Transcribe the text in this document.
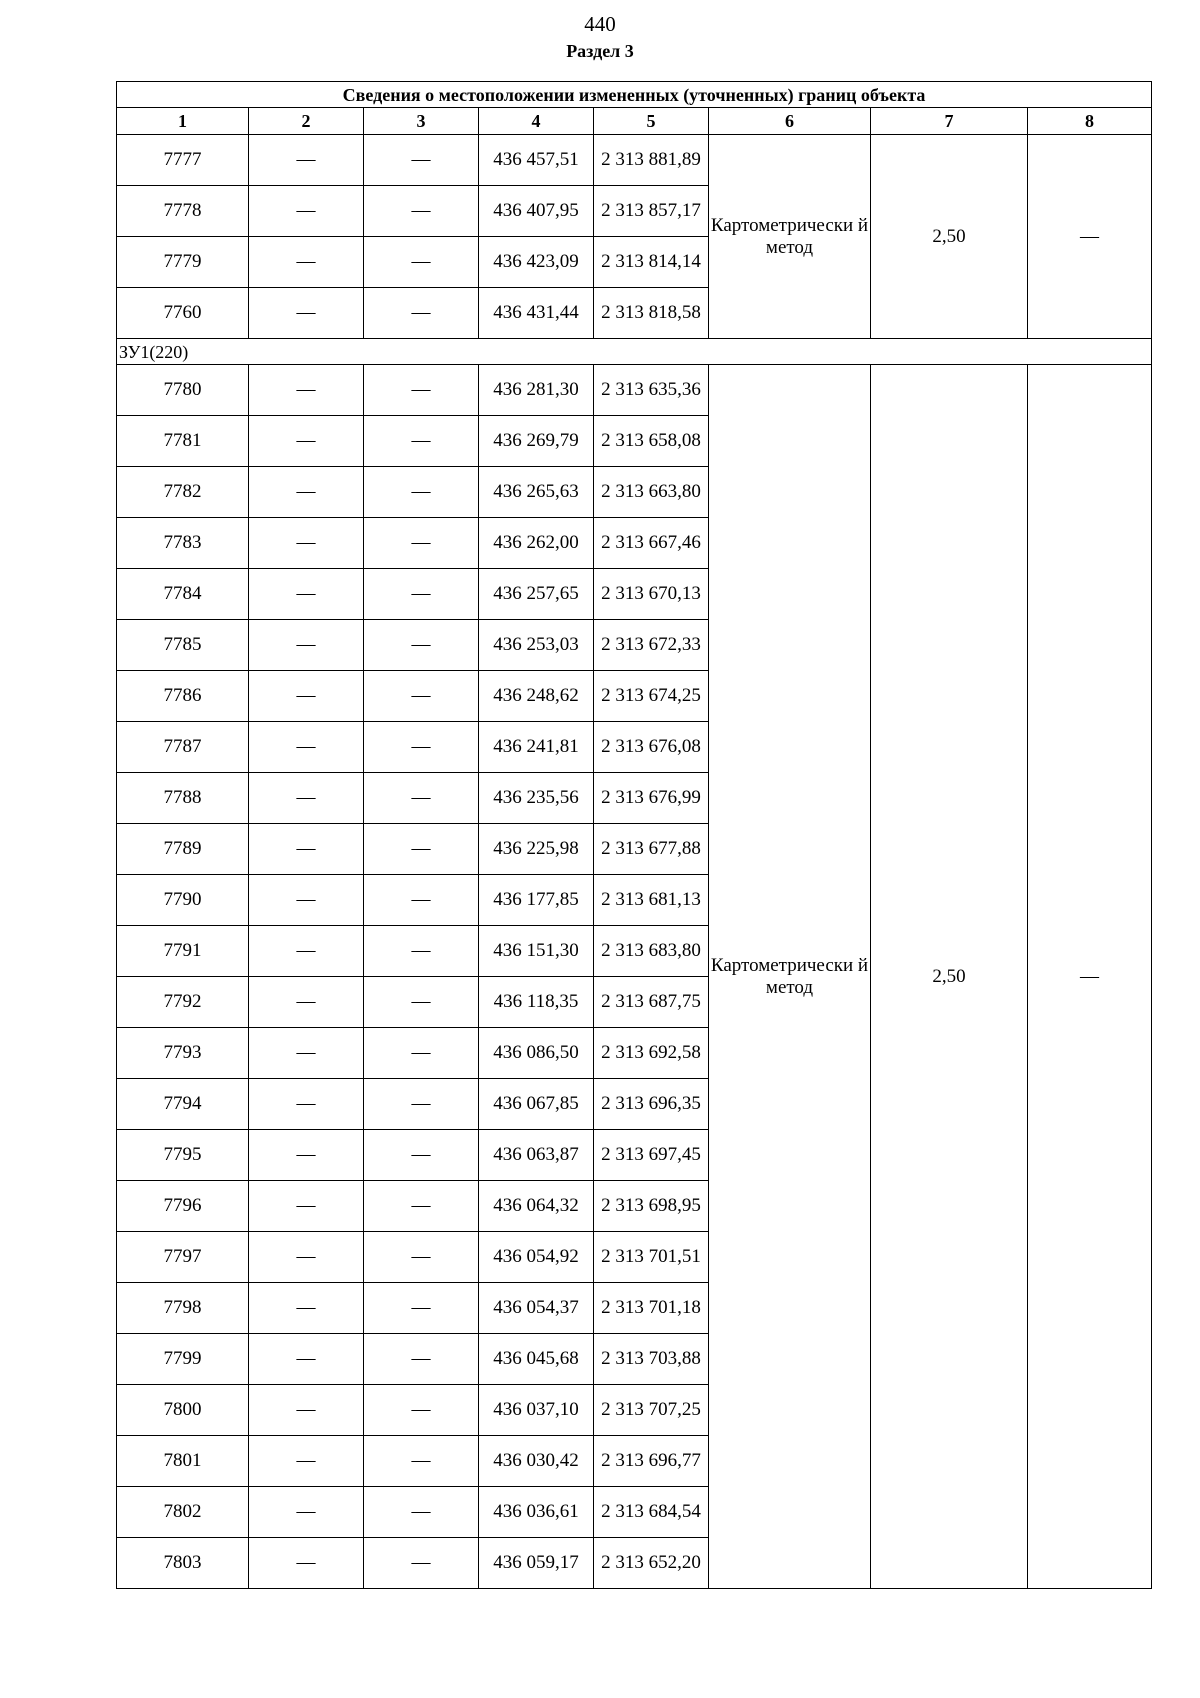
440
Раздел 3
Сведения о местоположении измененных (уточненных) границ объекта							
1	2	3	4	5	6	7	8
7777	—	—	436 457,51	2 313 881,89	Картометрически й метод	2,50	—
7778	—	—	436 407,95	2 313 857,17			
7779	—	—	436 423,09	2 313 814,14			
7760	—	—	436 431,44	2 313 818,58			
ЗУ1(220)							
7780	—	—	436 281,30	2 313 635,36	Картометрически й метод	2,50	—
7781	—	—	436 269,79	2 313 658,08			
7782	—	—	436 265,63	2 313 663,80			
7783	—	—	436 262,00	2 313 667,46			
7784	—	—	436 257,65	2 313 670,13			
7785	—	—	436 253,03	2 313 672,33			
7786	—	—	436 248,62	2 313 674,25			
7787	—	—	436 241,81	2 313 676,08			
7788	—	—	436 235,56	2 313 676,99			
7789	—	—	436 225,98	2 313 677,88			
7790	—	—	436 177,85	2 313 681,13			
7791	—	—	436 151,30	2 313 683,80			
7792	—	—	436 118,35	2 313 687,75			
7793	—	—	436 086,50	2 313 692,58			
7794	—	—	436 067,85	2 313 696,35			
7795	—	—	436 063,87	2 313 697,45			
7796	—	—	436 064,32	2 313 698,95			
7797	—	—	436 054,92	2 313 701,51			
7798	—	—	436 054,37	2 313 701,18			
7799	—	—	436 045,68	2 313 703,88			
7800	—	—	436 037,10	2 313 707,25			
7801	—	—	436 030,42	2 313 696,77			
7802	—	—	436 036,61	2 313 684,54			
7803	—	—	436 059,17	2 313 652,20			
